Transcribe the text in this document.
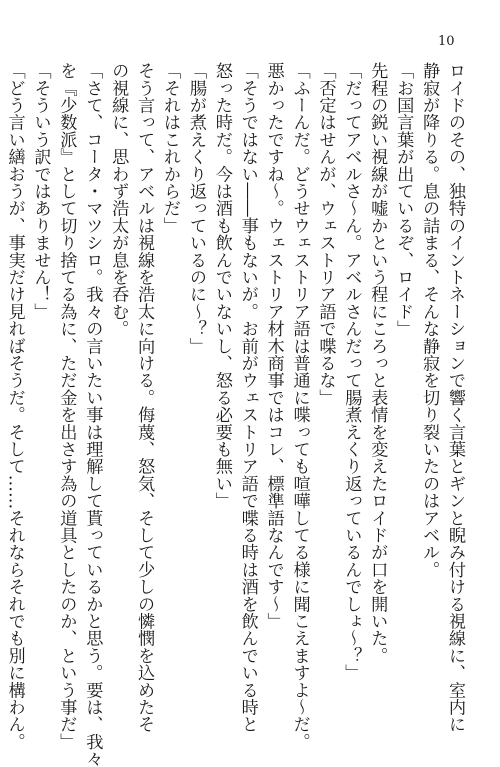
10

ロイドのその、独特のイントネーションで響く言葉とギンと睨み付ける視線に、室内に

静寂が降りる。息の詰まる、そんな静寂を切り裂いたのはアベル。

「お国言葉が出ているぞ、ロイド」

先程の鋭い視線が嘘かという程にころっと表情を変えたロイドが口を開いた。

「だってアベルさ～ん。アベルさんだって腸煮えくり返っているんでしょ～？」

「否定はせんが、ウェストリア語で喋るな」

「ふーんだ。どうせウェストリア語は普通に喋っても喧嘩してる様に聞こえますよ～だ。

悪かったですね～。ウェストリア材木商事ではコレ、標準語なんです～」

「そうではない――事もないが。お前がウェストリア語で喋る時は酒を飲んでいる時と

怒った時だ。今は酒も飲んでいないし、怒る必要も無い」

「腸が煮えくり返っているのに～？」

「それはこれからだ」

そう言って、アベルは視線を浩太に向ける。侮蔑、怒気、そして少しの憐憫を込めたそ

の視線に、思わず浩太が息を呑む。

「さて、コータ・マツシロ。我々の言いたい事は理解して貰っているかと思う。要は、我々

を『少数派』として切り捨てる為に、ただ金を出さす為の道具としたのか、という事だ」

「そういう訳ではありません！」

「どう言い繕おうが、事実だけ見ればそうだ。そして……それならそれでも別に構わん。
